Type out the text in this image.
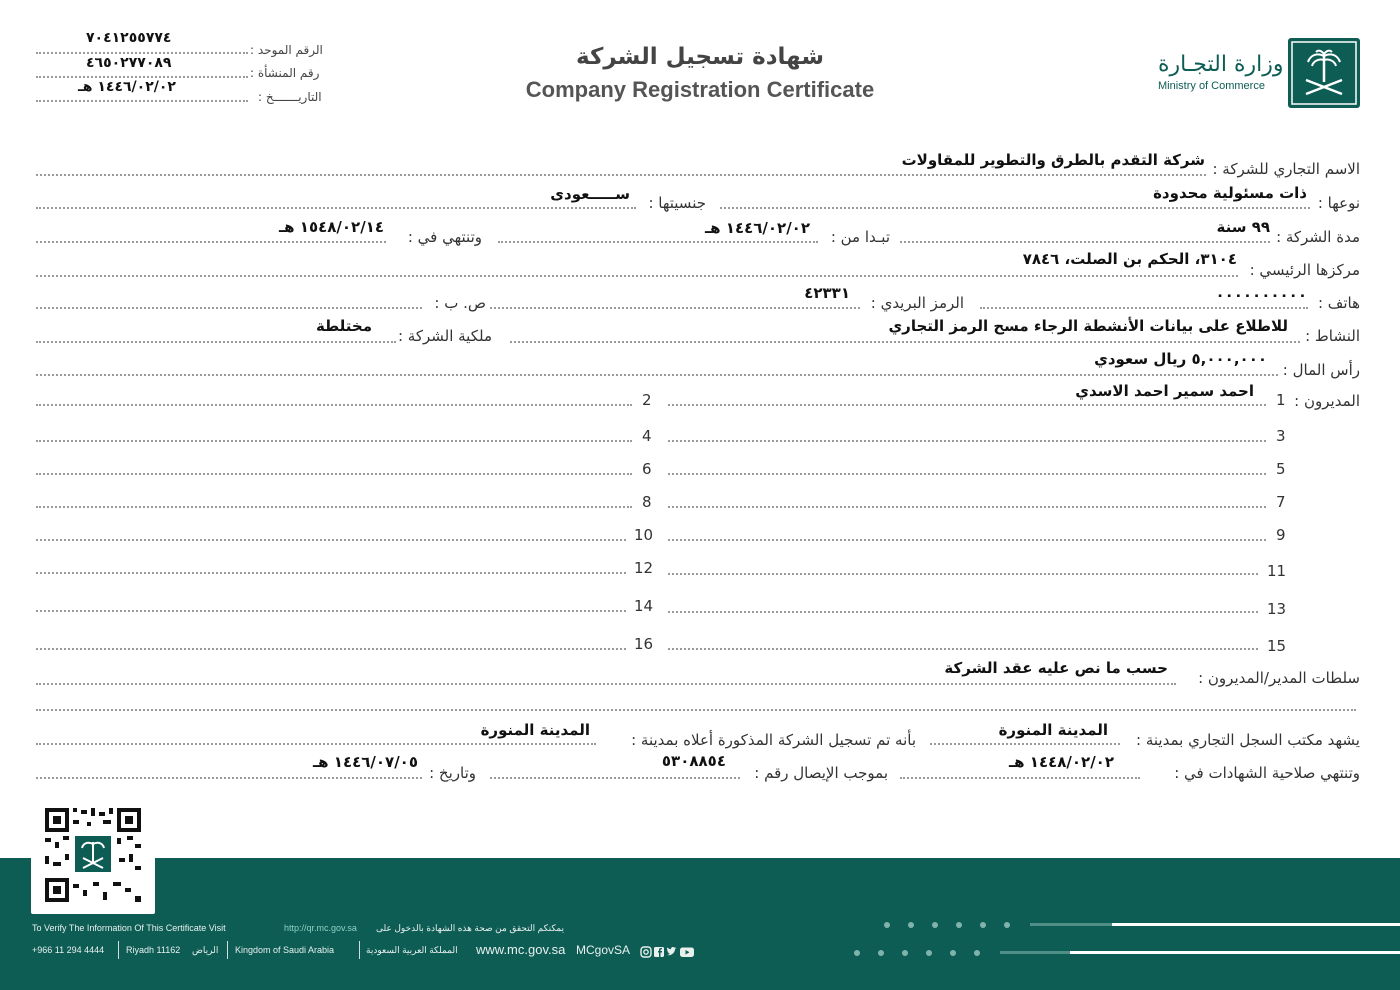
٧٠٤١٢٥٥٧٧٤
الرقم الموحد :
٤٦٥٠٢٧٧٠٨٩
رقم المنشأة :
١٤٤٦/٠٢/٠٢ هـ
التاريـــــــخ :
شهادة تسجيل الشركة
Company Registration Certificate
وزارة التجـارة
Ministry of Commerce
الاسم التجاري للشركة :
شركة التقدم بالطرق والتطوير للمقاولات
نوعها :
ذات مسئولية محدودة
جنسيتها :
ســـــعودى
مدة الشركة :
٩٩ سنة
تبـدا من :
١٤٤٦/٠٢/٠٢ هـ
وتنتهي في :
١٥٤٨/٠٢/١٤ هـ
مركزها الرئيسي :
٣١٠٤، الحكم بن الصلت، ٧٨٤٦
هاتف :
٠٠٠٠٠٠٠٠٠٠
الرمز البريدي :
٤٢٣٣١
ص. ب :
النشاط :
للاطلاع على بيانات الأنشطة الرجاء مسح الرمز التجاري
ملكية الشركة :
مختلطة
رأس المال :
٥,٠٠٠,٠٠٠ ريال سعودي
المديرون :
احمد سمير احمد الاسدي 1
2
3
4
5
6
7
8
9
10
11
12
13
14
15
16
سلطات المدير/المديرون :
حسب ما نص عليه عقد الشركة
يشهد مكتب السجل التجاري بمدينة :
المدينة المنورة
بأنه تم تسجيل الشركة المذكورة أعلاه بمدينة :
المدينة المنورة
وتنتهي صلاحية الشهادات في :
١٤٤٨/٠٢/٠٢ هـ
بموجب الإيصال رقم :
٥٣٠٨٨٥٤
وتاريخ :
١٤٤٦/٠٧/٠٥ هـ
To Verify The Information Of This Certificate Visit	http://qr.mc.gov.sa يمكنكم التحقق من صحة هذه الشهادة بالدخول على
+966 11 294 4444 Riyadh 11162 الرياض Kingdom of Saudi Arabia	المملكة العربية السعودية www.mc.gov.sa MCgovSA
